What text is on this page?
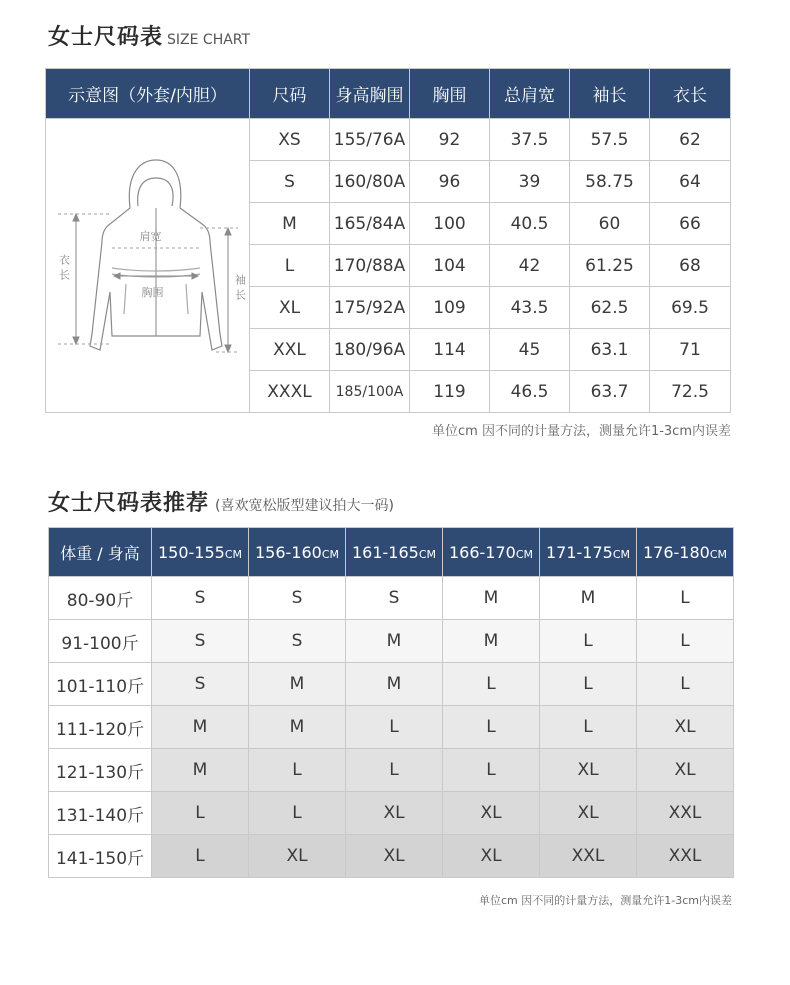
女士尺码表 SIZE CHART
示意图（外套/内胆）	尺码	身高胸围	胸围	总肩宽	袖长	衣长

衣长
袖长
肩宽
胸围	XS	155/76A	92	37.5	57.5	62
	S	160/80A	96	39	58.75	64
	M	165/84A	100	40.5	60	66
	L	170/88A	104	42	61.25	68
	XL	175/92A	109	43.5	62.5	69.5
	XXL	180/96A	114	45	63.1	71
	XXXL	185/100A	119	46.5	63.7	72.5
单位cm 因不同的计量方法，测量允许1-3cm内误差
女士尺码表推荐 (喜欢宽松版型建议拍大一码)
体重 / 身高	150-155CM	156-160CM	161-165CM	166-170CM	171-175CM	176-180CM
80-90斤	S	S	S	M	M	L
91-100斤	S	S	M	M	L	L
101-110斤	S	M	M	L	L	L
111-120斤	M	M	L	L	L	XL
121-130斤	M	L	L	L	XL	XL
131-140斤	L	L	XL	XL	XL	XXL
141-150斤	L	XL	XL	XL	XXL	XXL
单位cm 因不同的计量方法，测量允许1-3cm内误差
